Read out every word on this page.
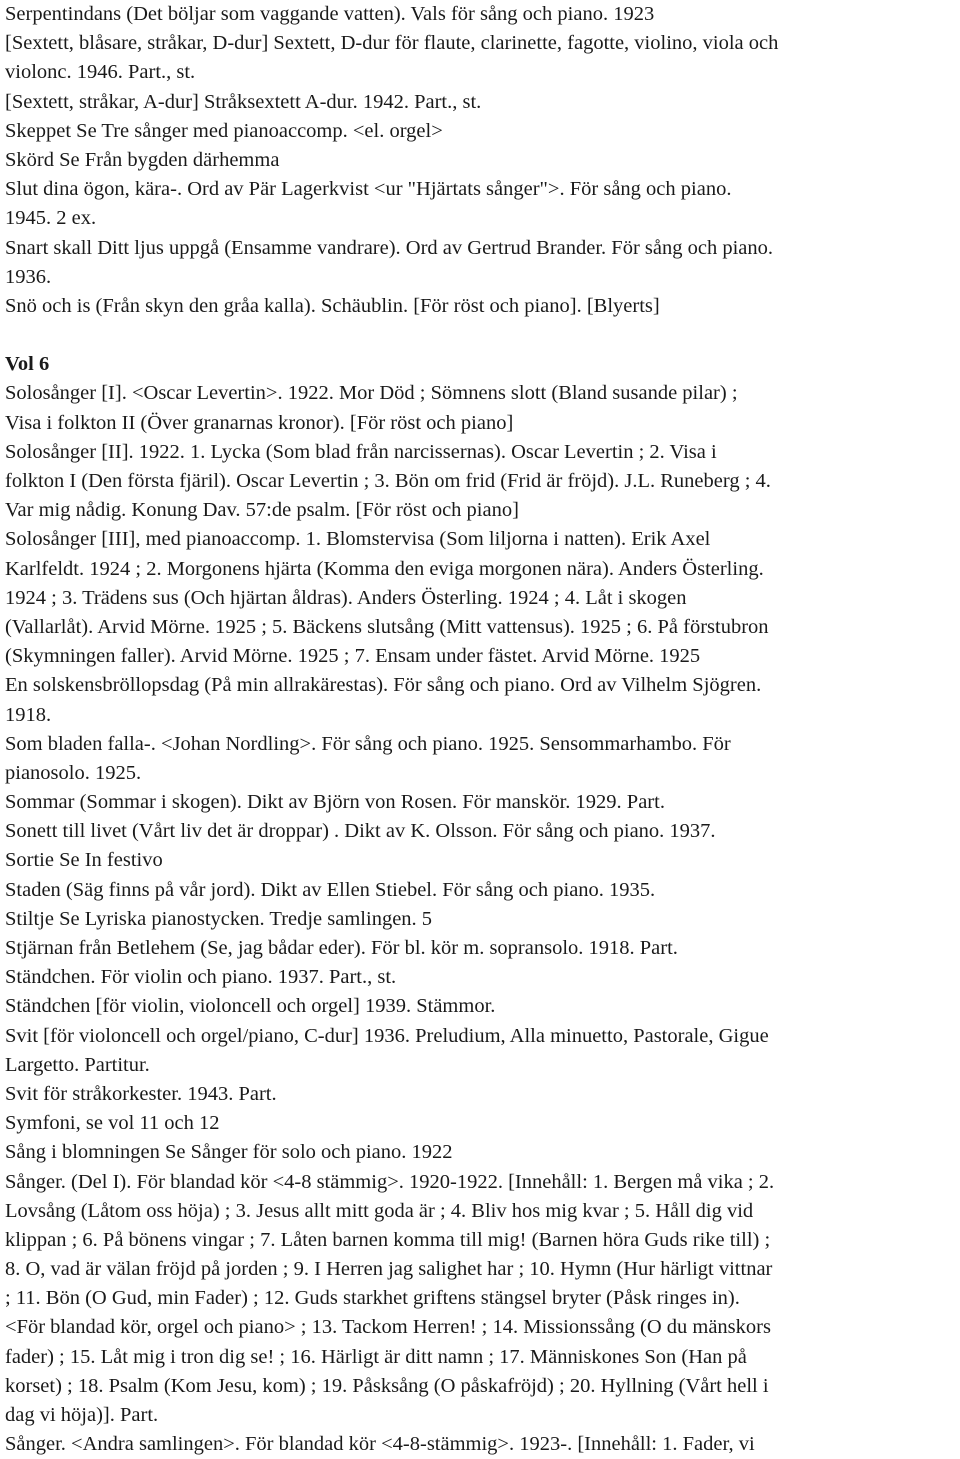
Serpentindans (Det böljar som vaggande vatten). Vals för sång och piano. 1923
[Sextett, blåsare, stråkar, D-dur] Sextett, D-dur för flaute, clarinette, fagotte, violino, viola och
violonc. 1946. Part., st.
[Sextett, stråkar, A-dur] Stråksextett A-dur. 1942. Part., st.
Skeppet Se Tre sånger med pianoaccomp. <el. orgel>
Skörd Se Från bygden därhemma
Slut dina ögon, kära-. Ord av Pär Lagerkvist <ur "Hjärtats sånger">. För sång och piano.
1945. 2 ex.
Snart skall Ditt ljus uppgå (Ensamme vandrare). Ord av Gertrud Brander. För sång och piano.
1936.
Snö och is (Från skyn den gråa kalla). Schäublin. [För röst och piano]. [Blyerts]
Vol 6
Solosånger [I]. <Oscar Levertin>. 1922. Mor Död ; Sömnens slott (Bland susande pilar) ;
Visa i folkton II (Över granarnas kronor). [För röst och piano]
Solosånger [II]. 1922. 1. Lycka (Som blad från narcissernas). Oscar Levertin ; 2. Visa i
folkton I (Den första fjäril). Oscar Levertin ; 3. Bön om frid (Frid är fröjd). J.L. Runeberg ; 4.
Var mig nådig. Konung Dav. 57:de psalm. [För röst och piano]
Solosånger [III], med pianoaccomp. 1. Blomstervisa (Som liljorna i natten). Erik Axel
Karlfeldt. 1924 ; 2. Morgonens hjärta (Komma den eviga morgonen nära). Anders Österling.
1924 ; 3. Trädens sus (Och hjärtan åldras). Anders Österling. 1924 ; 4. Låt i skogen
(Vallarlåt). Arvid Mörne. 1925 ; 5. Bäckens slutsång (Mitt vattensus). 1925 ; 6. På förstubron
(Skymningen faller). Arvid Mörne. 1925 ; 7. Ensam under fästet. Arvid Mörne. 1925
En solskensbröllopsdag (På min allrakärestas). För sång och piano. Ord av Vilhelm Sjögren.
1918.
Som bladen falla-. <Johan Nordling>. För sång och piano. 1925. Sensommarhambo. För
pianosolo. 1925.
Sommar (Sommar i skogen). Dikt av Björn von Rosen. För manskör. 1929. Part.
Sonett till livet (Vårt liv det är droppar) . Dikt av K. Olsson. För sång och piano. 1937.
Sortie Se In festivo
Staden (Säg finns på vår jord). Dikt av Ellen Stiebel. För sång och piano. 1935.
Stiltje Se Lyriska pianostycken. Tredje samlingen. 5
Stjärnan från Betlehem (Se, jag bådar eder). För bl. kör m. sopransolo. 1918. Part.
Ständchen. För violin och piano. 1937. Part., st.
Ständchen [för violin, violoncell och orgel] 1939. Stämmor.
Svit [för violoncell och orgel/piano, C-dur] 1936. Preludium, Alla minuetto, Pastorale, Gigue
Largetto. Partitur.
Svit för stråkorkester. 1943. Part.
Symfoni, se vol 11 och 12
Sång i blomningen Se Sånger för solo och piano. 1922
Sånger. (Del I). För blandad kör <4-8 stämmig>. 1920-1922. [Innehåll: 1. Bergen må vika ; 2.
Lovsång (Låtom oss höja) ; 3. Jesus allt mitt goda är ; 4. Bliv hos mig kvar ; 5. Håll dig vid
klippan ; 6. På bönens vingar ; 7. Låten barnen komma till mig! (Barnen höra Guds rike till) ;
8. O, vad är välan fröjd på jorden ; 9. I Herren jag salighet har ; 10. Hymn (Hur härligt vittnar
; 11. Bön (O Gud, min Fader) ; 12. Guds starkhet griftens stängsel bryter (Påsk ringes in).
<För blandad kör, orgel och piano> ; 13. Tackom Herren! ; 14. Missionssång (O du mänskors
fader) ; 15. Låt mig i tron dig se! ; 16. Härligt är ditt namn ; 17. Människones Son (Han på
korset) ; 18. Psalm (Kom Jesu, kom) ; 19. Påsksång (O påskafröjd) ; 20. Hyllning (Vårt hell i
dag vi höja)]. Part.
Sånger. <Andra samlingen>. För blandad kör <4-8-stämmig>. 1923-. [Innehåll: 1. Fader, vi
